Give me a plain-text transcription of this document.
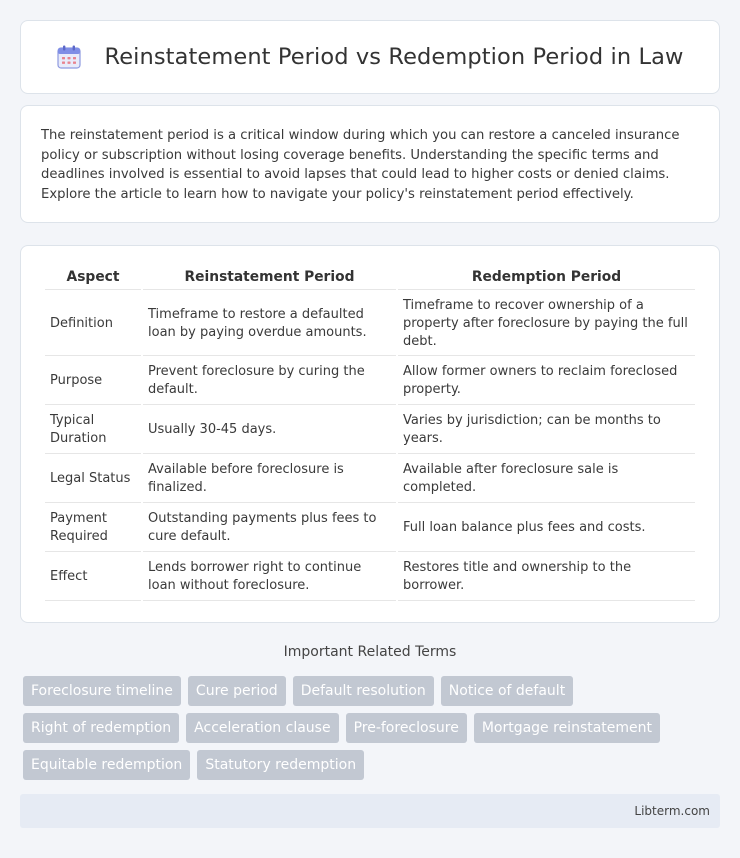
Reinstatement Period vs Redemption Period in Law

The reinstatement period is a critical window during which you can restore a canceled insurance policy or subscription without losing coverage benefits. Understanding the specific terms and deadlines involved is essential to avoid lapses that could lead to higher costs or denied claims. Explore the article to learn how to navigate your policy's reinstatement period effectively.

Aspect	Reinstatement Period	Redemption Period
Definition	Timeframe to restore a defaulted loan by paying overdue amounts.	Timeframe to recover ownership of a property after foreclosure by paying the full debt.
Purpose	Prevent foreclosure by curing the default.	Allow former owners to reclaim foreclosed property.
Typical Duration	Usually 30-45 days.	Varies by jurisdiction; can be months to years.
Legal Status	Available before foreclosure is finalized.	Available after foreclosure sale is completed.
Payment Required	Outstanding payments plus fees to cure default.	Full loan balance plus fees and costs.
Effect	Lends borrower right to continue loan without foreclosure.	Restores title and ownership to the borrower.
Important Related Terms
Foreclosure timeline	Cure period	Default resolution	Notice of default
Right of redemption	Acceleration clause	Pre-foreclosure	Mortgage reinstatement
Equitable redemption	Statutory redemption
Libterm.com
